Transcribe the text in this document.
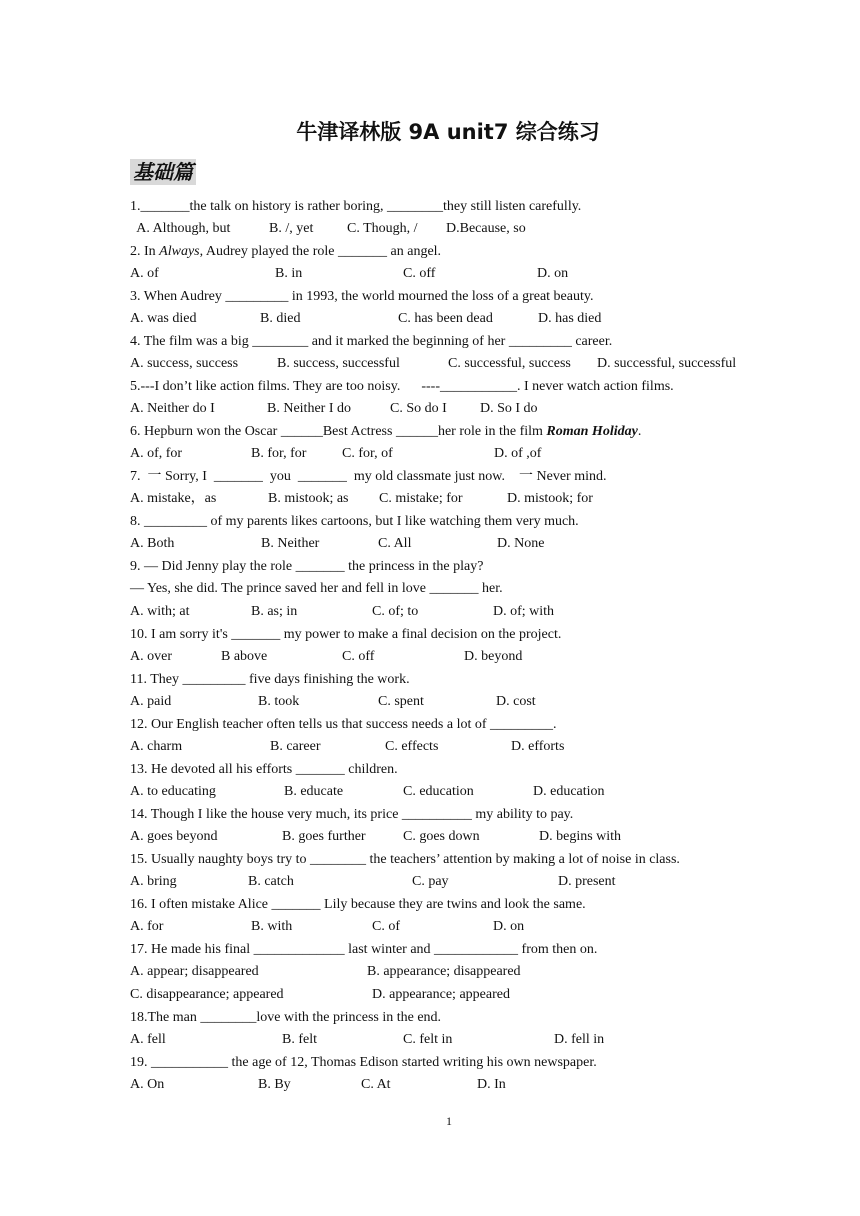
牛津译林版 9A unit7 综合练习
基础篇
1._______the talk on history is rather boring, ________they still listen carefully.

A. Although, but

	B. /, yet

C. Though, /

D.Because, so

2. In Always, Audrey played the role _______ an angel.

A. of

	B. in

	C. off

	D. on

3. When Audrey _________ in 1993, the world mourned the loss of a great beauty.

A. was died

	B. died

	C. has been dead

	D. has died

4. The film was a big ________ and it marked the beginning of her _________ career.

A. success, success

	B. success, successful

	C. successful, success

D. successful, successful

5.---I don’t like action films. They are too noisy.      ----___________. I never watch action films.

A. Neither do I

	B. Neither I do

	C. So do I

D. So I do

6. Hepburn won the Oscar ______Best Actress ______her role in the film Roman Holiday.

A. of, for

	B. for, for

	C. for, of

	D. of ,of

7.  一 Sorry, I  _______  you  _______  my old classmate just now.    一 Never mind.

A. mistake，as

	B. mistook; as

C. mistake; for

	D. mistook; for

8. _________ of my parents likes cartoons, but I like watching them very much.

A. Both

	B. Neither

	C. All

	D. None

9. — Did Jenny play the role _______ the princess in the play?
— Yes, she did. The prince saved her and fell in love _______ her.

A. with; at

	B. as; in

	C. of; to

	D. of; with

10. I am sorry it's _______ my power to make a final decision on the project.

A. over

	B above

	C. off

	D. beyond

11. They _________ five days finishing the work.

A. paid

	B. took

	C. spent

	D. cost

12. Our English teacher often tells us that success needs a lot of _________.

A. charm

	B. career

	C. effects

	D. efforts

13. He devoted all his efforts _______ children.

A. to educating

	B. educate

	C. education

	D. education

14. Though I like the house very much, its price __________ my ability to pay.

A. goes beyond

	B. goes further

	C. goes down

	D. begins with

15. Usually naughty boys try to ________ the teachers’ attention by making a lot of noise in class.

A. bring

	B. catch

	C. pay

	D. present

16. I often mistake Alice _______ Lily because they are twins and look the same.

A. for

	B. with

	C. of

	D. on

17. He made his final _____________ last winter and ____________ from then on.

A. appear; disappeared

	B. appearance; disappeared

C. disappearance; appeared

	D. appearance; appeared

18.The man ________love with the princess in the end.

A. fell

	B. felt

	C. felt in

	D. fell in

19. ___________ the age of 12, Thomas Edison started writing his own newspaper.

A. On

	B. By

	C. At

	D. In

1
